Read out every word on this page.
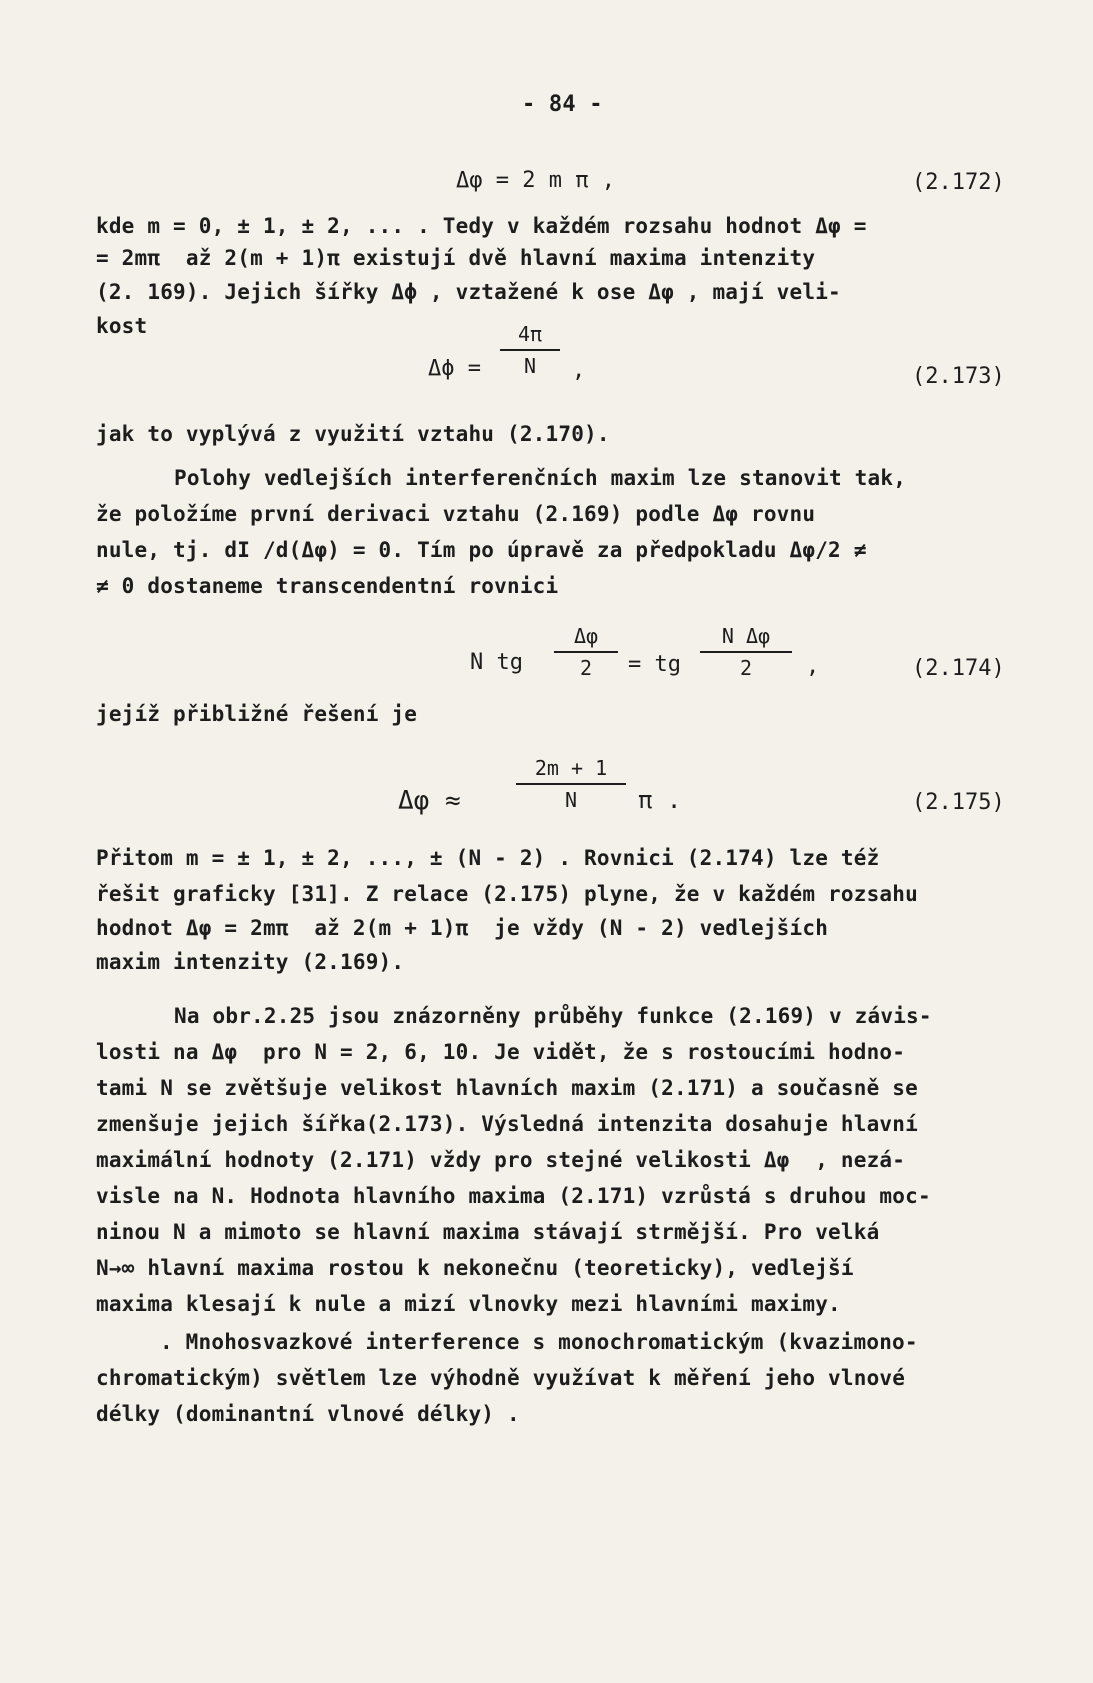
- 84 -
Δφ = 2 m π ,	(2.172)
kde m = 0, ± 1, ± 2, ... . Tedy v každém rozsahu hodnot Δφ =
= 2mπ  až 2(m + 1)π existují dvě hlavní maxima intenzity
(2. 169). Jejich šířky Δϕ , vztažené k ose Δφ , mají veli-
kost
Δϕ =
4π
N ,	(2.173)
jak to vyplývá z využití vztahu (2.170).
Polohy vedlejších interferenčních maxim lze stanovit tak,
že položíme první derivaci vztahu (2.169) podle Δφ rovnu
nule, tj. dI /d(Δφ) = 0. Tím po úpravě za předpokladu Δφ/2 ≠
≠ 0 dostaneme transcendentní rovnici
N tg
Δφ
2 = tg
N Δφ
2 ,	(2.174)
jejíž přibližné řešení je
Δφ ≈
2m + 1
N	π .	(2.175)
Přitom m = ± 1, ± 2, ..., ± (N - 2) . Rovnici (2.174) lze též
řešit graficky [31]. Z relace (2.175) plyne, že v každém rozsahu
hodnot Δφ = 2mπ  až 2(m + 1)π  je vždy (N - 2) vedlejších
maxim intenzity (2.169).
Na obr.2.25 jsou znázorněny průběhy funkce (2.169) v závis-
losti na Δφ  pro N = 2, 6, 10. Je vidět, že s rostoucími hodno-
tami N se zvětšuje velikost hlavních maxim (2.171) a současně se
zmenšuje jejich šířka(2.173). Výsledná intenzita dosahuje hlavní
maximální hodnoty (2.171) vždy pro stejné velikosti Δφ  , nezá-
visle na N. Hodnota hlavního maxima (2.171) vzrůstá s druhou moc-
ninou N a mimoto se hlavní maxima stávají strmější. Pro velká
N→∞ hlavní maxima rostou k nekonečnu (teoreticky), vedlejší
maxima klesají k nule a mizí vlnovky mezi hlavními maximy.
. Mnohosvazkové interference s monochromatickým (kvazimono-
chromatickým) světlem lze výhodně využívat k měření jeho vlnové
délky (dominantní vlnové délky) .
